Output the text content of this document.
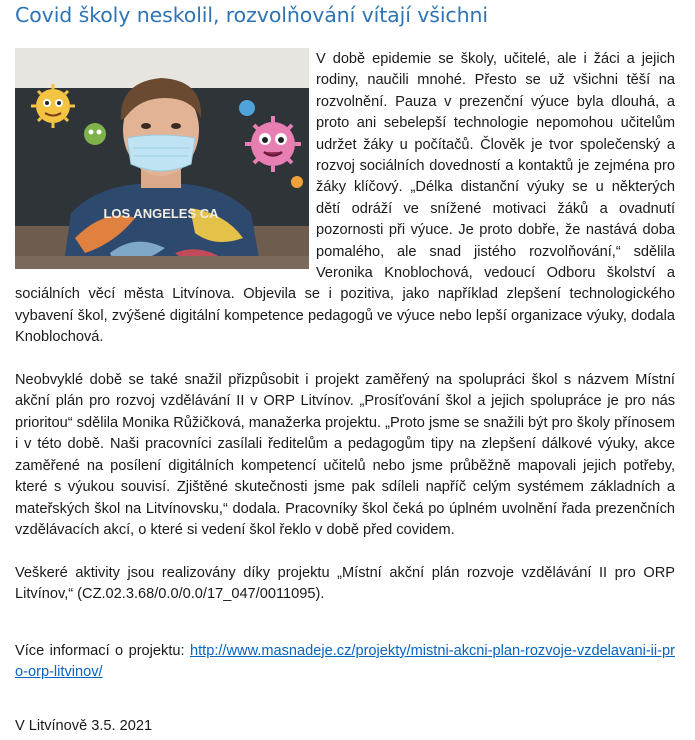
Covid školy neskolil, rozvolňování vítají všichni

V době epidemie se školy, učitelé, ale i žáci a jejich rodiny, naučili mnohé. Přesto se už všichni těší na rozvolnění. Pauza v prezenční výuce byla dlouhá, a proto ani sebelepší technologie nepomohou učitelům udržet žáky u počítačů. Člověk je tvor společenský a rozvoj sociálních dovedností a kontaktů je zejména pro žáky klíčový. „Délka distanční výuky se u některých dětí odráží ve snížené motivaci žáků a ovadnutí pozornosti při výuce. Je proto dobře, že nastává doba pomalého, ale snad jistého rozvolňování,“ sdělila Veronika Knoblochová, vedoucí Odboru školství a sociálních věcí města Litvínova. Objevila se i pozitiva, jako například zlepšení technologického vybavení škol, zvýšené digitální kompetence pedagogů ve výuce nebo lepší organizace výuky, dodala Knoblochová.

Neobvyklé době se také snažil přizpůsobit i projekt zaměřený na spolupráci škol s názvem Místní akční plán pro rozvoj vzdělávání II v ORP Litvínov. „Prosíťování škol a jejich spolupráce je pro nás prioritou“ sdělila Monika Růžičková, manažerka projektu. „Proto jsme se snažili být pro školy přínosem i v této době. Naši pracovníci zasílali ředitelům a pedagogům tipy na zlepšení dálkové výuky, akce zaměřené na posílení digitálních kompetencí učitelů nebo jsme průběžně mapovali jejich potřeby, které s výukou souvisí. Zjištěné skutečnosti jsme pak sdíleli napříč celým systémem základních a mateřských škol na Litvínovsku,“ dodala. Pracovníky škol čeká po úplném uvolnění řada prezenčních vzdělávacích akcí, o které si vedení škol řeklo v době před covidem.

Veškeré aktivity jsou realizovány díky projektu „Místní akční plán rozvoje vzdělávání II pro ORP Litvínov,“ (CZ.02.3.68/0.0/0.0/17_047/0011095).

LOS ANGELES CA
Více informací o projektu: http://www.masnadeje.cz/projekty/mistni-akcni-plan-rozvoje-vzdelavani-ii-pro-orp-litvinov/
V Litvínově 3.5. 2021
